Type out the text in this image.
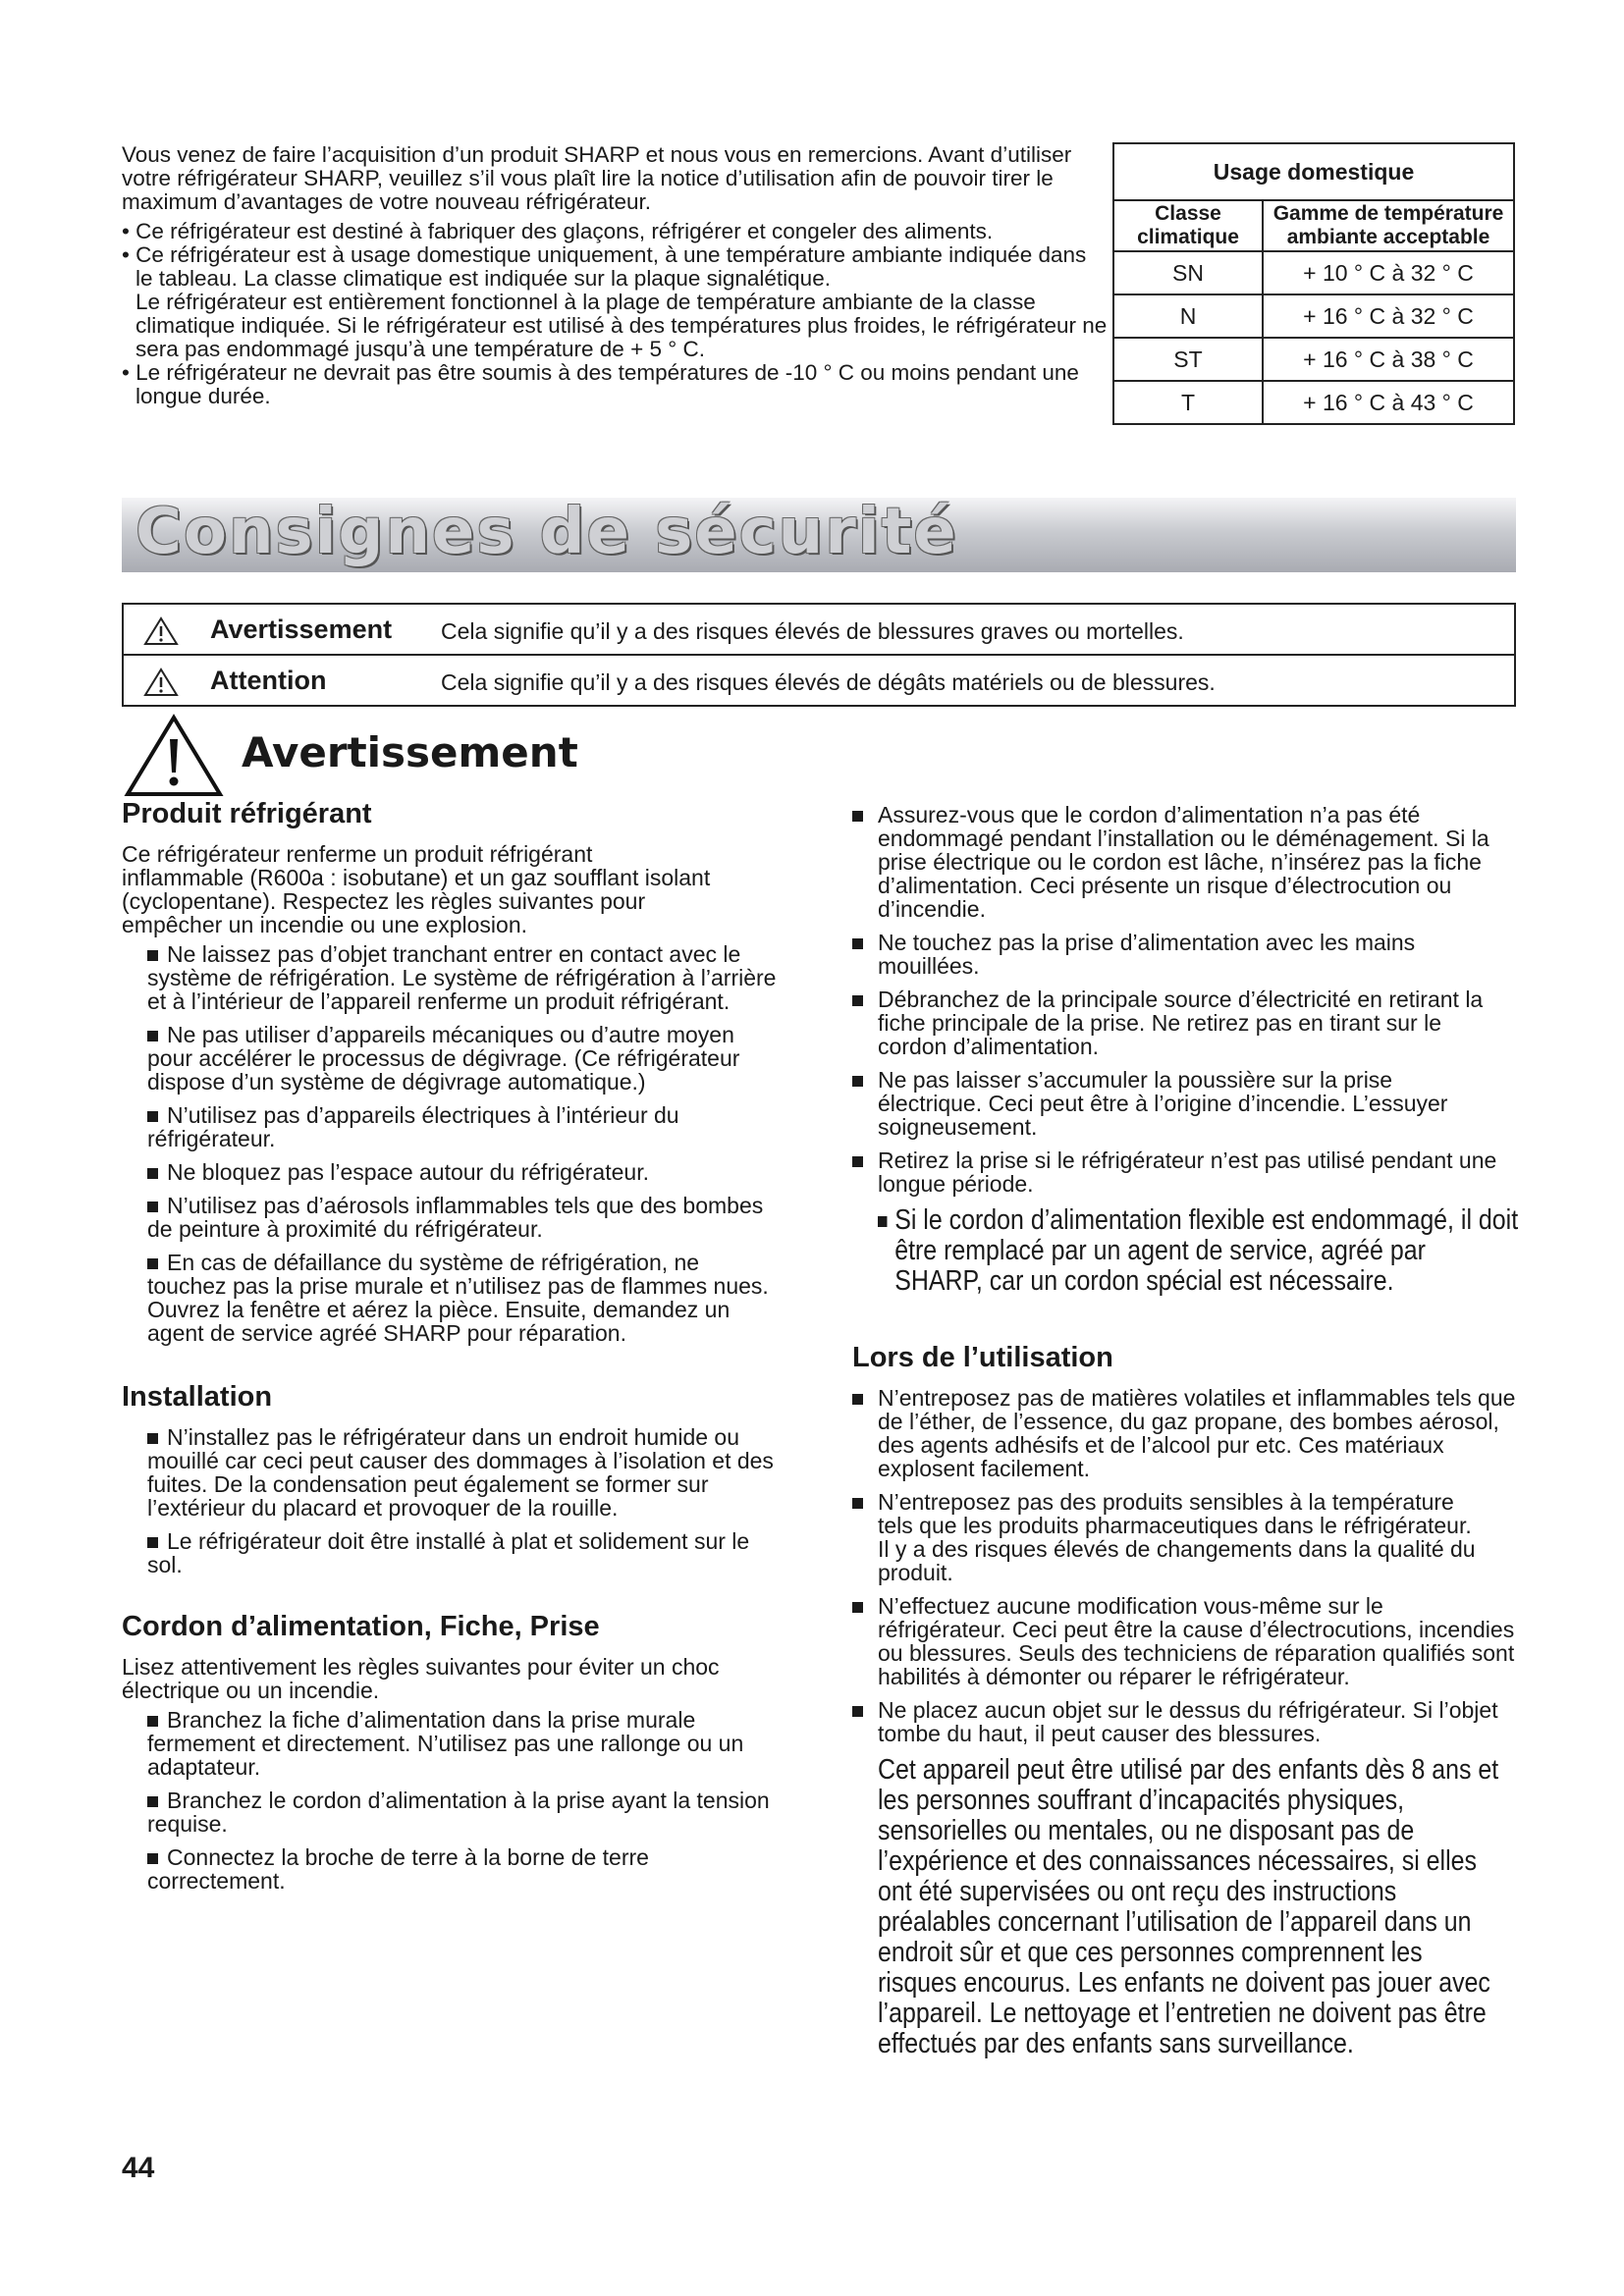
Vous venez de faire l’acquisition d’un produit SHARP et nous vous en remercions. Avant d’utiliser votre réfrigérateur SHARP, veuillez s’il vous plaît lire la notice d’utilisation afin de pouvoir tirer le maximum d’avantages de votre nouveau réfrigérateur.

• Ce réfrigérateur est destiné à fabriquer des glaçons, réfrigérer et congeler des aliments.

• Ce réfrigérateur est à usage domestique uniquement, à une température ambiante indiquée dans le tableau. La classe climatique est indiquée sur la plaque signalétique.

Le réfrigérateur est entièrement fonctionnel à la plage de température ambiante de la classe climatique indiquée. Si le réfrigérateur est utilisé à des températures plus froides, le réfrigérateur ne sera pas endommagé jusqu’à une température de + 5 ° C.

• Le réfrigérateur ne devrait pas être soumis à des températures de -10 ° C ou moins pendant une longue durée.

Usage domestique	
Classe climatique	Gamme de température ambiante acceptable
SN	+ 10 ° C à 32 ° C
N	+ 16 ° C à 32 ° C
ST	+ 16 ° C à 38 ° C
T	+ 16 ° C à 43 ° C
Consignes de sécurité
Avertissement Cela signifie qu’il y a des risques élevés de blessures graves ou mortelles.
Attention	Cela signifie qu’il y a des risques élevés de dégâts matériels ou de blessures.
Avertissement
Produit réfrigérant

Ce réfrigérateur renferme un produit réfrigérant inflammable (R600a : isobutane) et un gaz soufflant isolant (cyclopentane). Respectez les règles suivantes pour empêcher un incendie ou une explosion.

Ne laissez pas d’objet tranchant entrer en contact avec le système de réfrigération. Le système de réfrigération à l’arrière et à l’intérieur de l’appareil renferme un produit réfrigérant.
Ne pas utiliser d’appareils mécaniques ou d’autre moyen pour accélérer le processus de dégivrage. (Ce réfrigérateur dispose d’un système de dégivrage automatique.)
N’utilisez pas d’appareils électriques à l’intérieur du réfrigérateur.
Ne bloquez pas l’espace autour du réfrigérateur.
N’utilisez pas d’aérosols inflammables tels que des bombes de peinture à proximité du réfrigérateur.
En cas de défaillance du système de réfrigération, ne touchez pas la prise murale et n’utilisez pas de flammes nues. Ouvrez la fenêtre et aérez la pièce. Ensuite, demandez un agent de service agréé SHARP pour réparation.
Installation
N’installez pas le réfrigérateur dans un endroit humide ou mouillé car ceci peut causer des dommages à l’isolation et des fuites. De la condensation peut également se former sur l’extérieur du placard et provoquer de la rouille.
Le réfrigérateur doit être installé à plat et solidement sur le sol.
Cordon d’alimentation, Fiche, Prise

Lisez attentivement les règles suivantes pour éviter un choc électrique ou un incendie.

Branchez la fiche d’alimentation dans la prise murale fermement et directement. N’utilisez pas une rallonge ou un adaptateur.
Branchez le cordon d’alimentation à la prise ayant la tension requise.
Connectez la broche de terre à la borne de terre correctement.
Assurez-vous que le cordon d’alimentation n’a pas été endommagé pendant l’installation ou le déménagement. Si la prise électrique ou le cordon est lâche, n’insérez pas la fiche d’alimentation. Ceci présente un risque d’électrocution ou d’incendie.
Ne touchez pas la prise d’alimentation avec les mains mouillées.
Débranchez de la principale source d’électricité en retirant la fiche principale de la prise. Ne retirez pas en tirant sur le cordon d’alimentation.
Ne pas laisser s’accumuler la poussière sur la prise électrique. Ceci peut être à l’origine d’incendie. L’essuyer soigneusement.
Retirez la prise si le réfrigérateur n’est pas utilisé pendant une longue période.
Si le cordon d’alimentation flexible est endommagé, il doit être remplacé par un agent de service, agréé par SHARP, car un cordon spécial est nécessaire.
Lors de l’utilisation
N’entreposez pas de matières volatiles et inflammables tels que de l’éther, de l’essence, du gaz propane, des bombes aérosol, des agents adhésifs et de l’alcool pur etc. Ces matériaux explosent facilement.
N’entreposez pas des produits sensibles à la température tels que les produits pharmaceutiques dans le réfrigérateur. Il y a des risques élevés de changements dans la qualité du produit.
N’effectuez aucune modification vous-même sur le réfrigérateur. Ceci peut être la cause d’électrocutions, incendies ou blessures. Seuls des techniciens de réparation qualifiés sont habilités à démonter ou réparer le réfrigérateur.
Ne placez aucun objet sur le dessus du réfrigérateur. Si l’objet tombe du haut, il peut causer des blessures.
Cet appareil peut être utilisé par des enfants dès 8 ans et les personnes souffrant d’incapacités physiques, sensorielles ou mentales, ou ne disposant pas de l’expérience et des connaissances nécessaires, si elles ont été supervisées ou ont reçu des instructions préalables concernant l’utilisation de l’appareil dans un endroit sûr et que ces personnes comprennent les risques encourus. Les enfants ne doivent pas jouer avec l’appareil. Le nettoyage et l’entretien ne doivent pas être effectués par des enfants sans surveillance.
44
